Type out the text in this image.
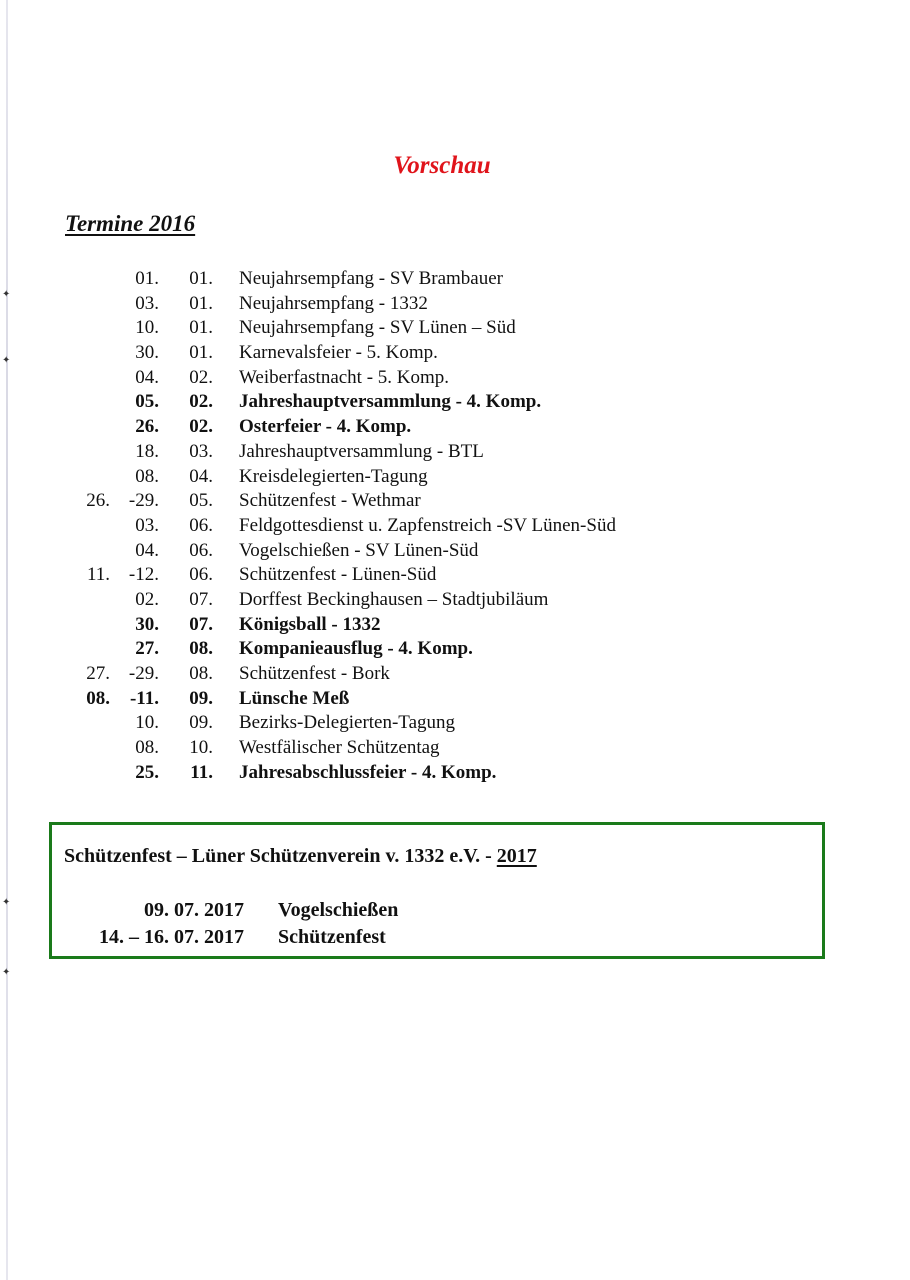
✦
✦
✦
✦
Vorschau
Termine 2016
01.	01. Neujahrsempfang - SV Brambauer
03.	01. Neujahrsempfang - 1332
10.	01. Neujahrsempfang - SV Lünen – Süd
30.	01. Karnevalsfeier - 5. Komp.
04.	02. Weiberfastnacht - 5. Komp.
05.	02. Jahreshauptversammlung - 4. Komp.
26.	02. Osterfeier - 4. Komp.
18.	03. Jahreshauptversammlung - BTL
08.	04. Kreisdelegierten-Tagung
26. -29.	05. Schützenfest - Wethmar
03.	06. Feldgottesdienst u. Zapfenstreich -SV Lünen-Süd
04.	06. Vogelschießen - SV Lünen-Süd
11. -12.	06. Schützenfest - Lünen-Süd
02.	07. Dorffest Beckinghausen – Stadtjubiläum
30.	07. Königsball - 1332
27.	08. Kompanieausflug - 4. Komp.
27. -29.	08. Schützenfest - Bork
08.	-11.	09. Lünsche Meß
10.	09. Bezirks-Delegierten-Tagung
08.	10. Westfälischer Schützentag
25.	11. Jahresabschlussfeier - 4. Komp.
Schützenfest – Lüner Schützenverein v. 1332 e.V. - 2017
09. 07. 2017 Vogelschießen
14. – 16. 07. 2017 Schützenfest
